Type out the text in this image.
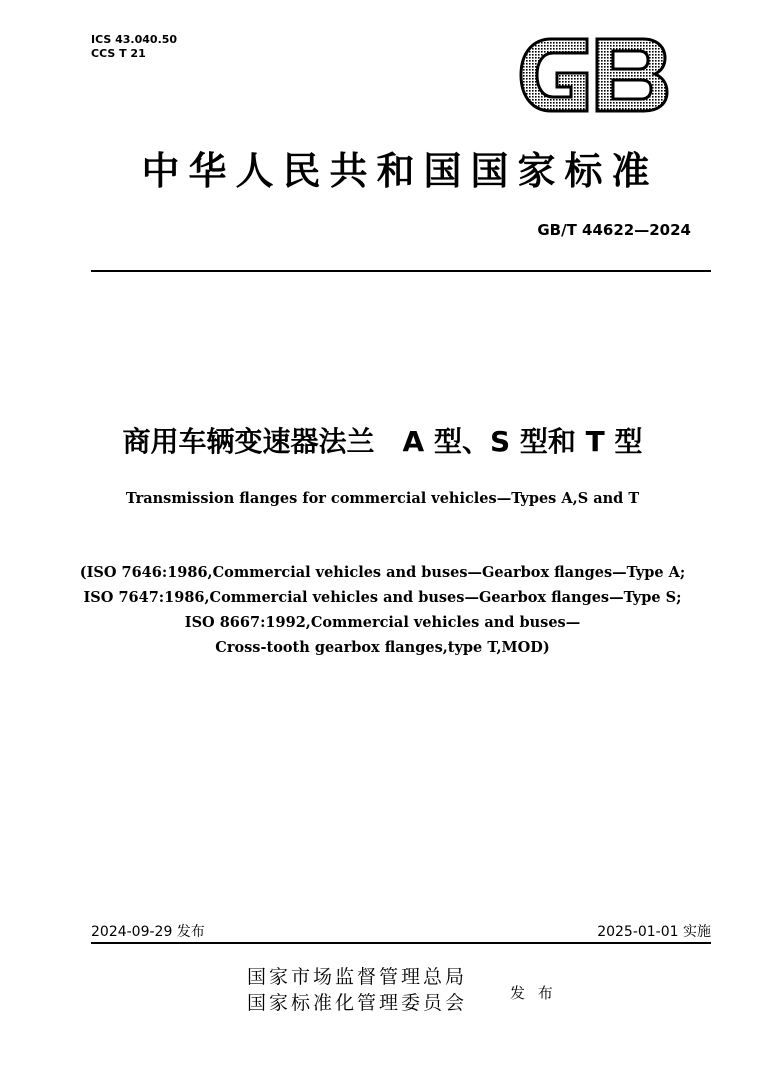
ICS 43.040.50
CCS T 21
中华人民共和国国家标准
GB/T 44622—2024
商用车辆变速器法兰　A 型、S 型和 T 型
Transmission flanges for commercial vehicles—Types A,S and T
(ISO 7646:1986,Commercial vehicles and buses—Gearbox flanges—Type A;
ISO 7647:1986,Commercial vehicles and buses—Gearbox flanges—Type S;
ISO 8667:1992,Commercial vehicles and buses—
Cross-tooth gearbox flanges,type T,MOD)
2024-09-29 发布	2025-01-01 实施
国家市场监督管理总局
国家标准化管理委员会	发 布
